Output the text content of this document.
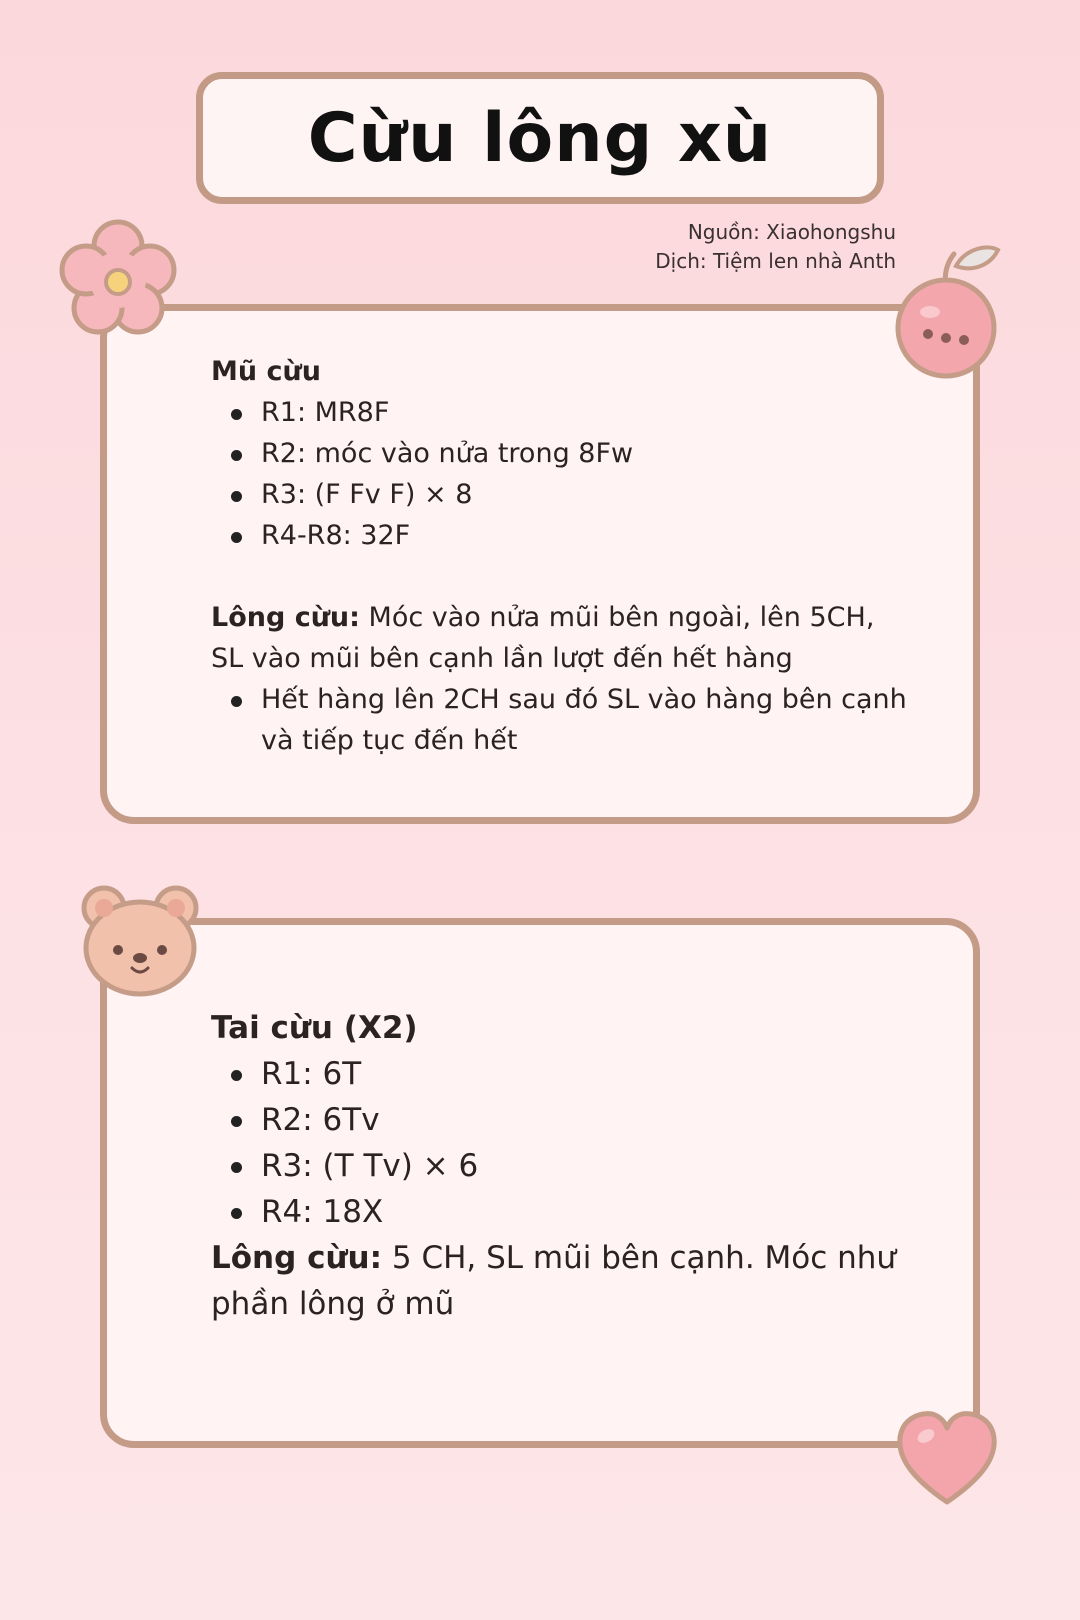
Cừu lông xù
Nguồn: Xiaohongshu
Dịch: Tiệm len nhà Anth
Mũ cừu
R1: MR8F
R2: móc vào nửa trong 8Fw
R3: (F Fv F) × 8
R4-R8: 32F

Lông cừu: Móc vào nửa mũi bên ngoài, lên 5CH, SL vào mũi bên cạnh lần lượt đến hết hàng

Hết hàng lên 2CH sau đó SL vào hàng bên cạnh và tiếp tục đến hết
Tai cừu (X2)
R1: 6T
R2: 6Tv
R3: (T Tv) × 6
R4: 18X

Lông cừu: 5 CH, SL mũi bên cạnh. Móc như phần lông ở mũ
